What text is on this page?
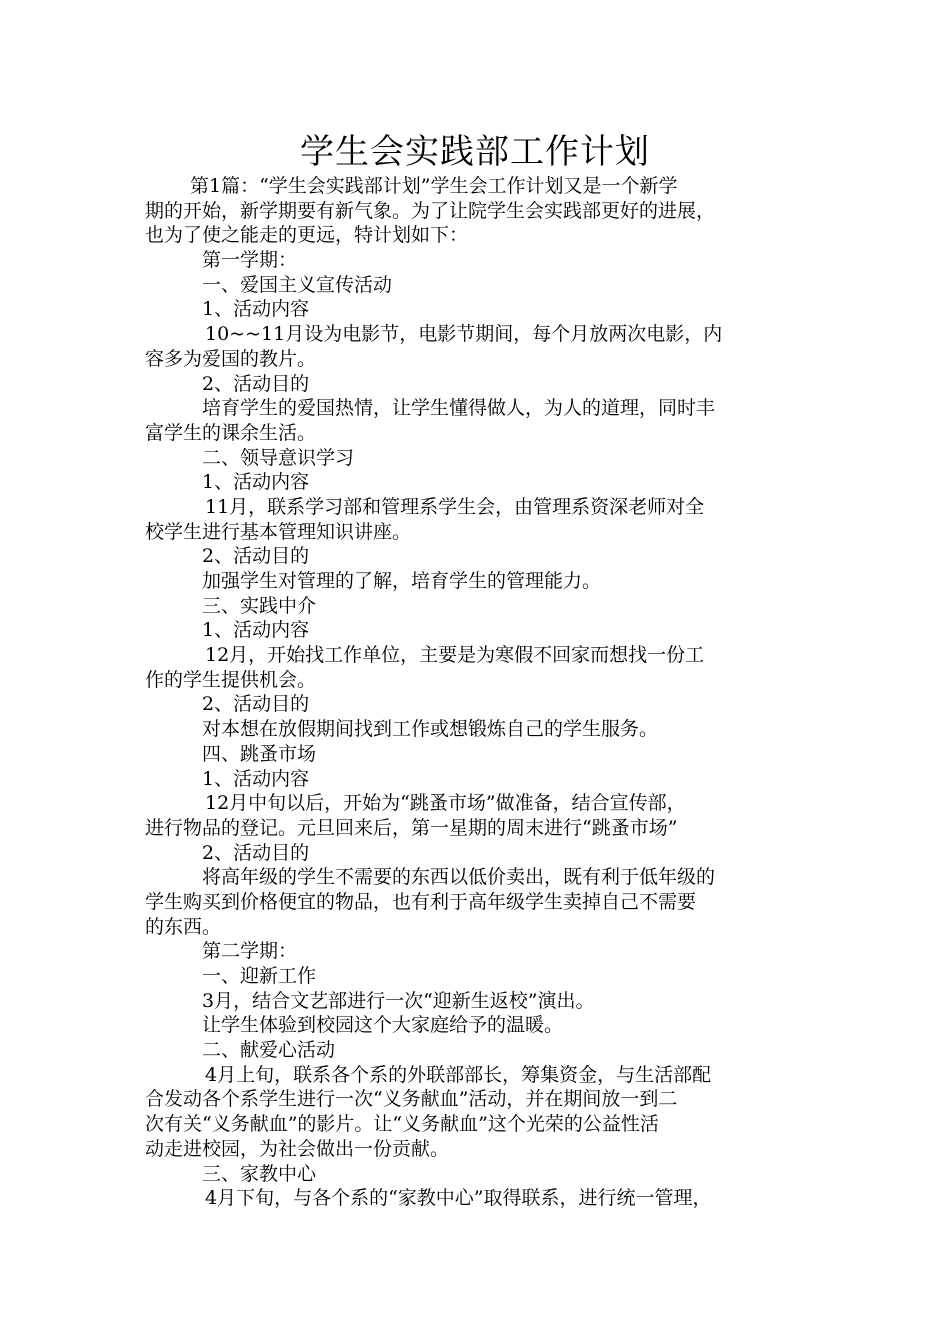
学生会实践部工作计划
第1篇：“学生会实践部计划”学生会工作计划又是一个新学
期的开始，新学期要有新气象。为了让院学生会实践部更好的进展，
也为了使之能走的更远，特计划如下：
第一学期：
一、爱国主义宣传活动
1、活动内容
10~~11月设为电影节，电影节期间，每个月放两次电影，内
容多为爱国的教片。
2、活动目的
培育学生的爱国热情，让学生懂得做人，为人的道理，同时丰
富学生的课余生活。
二、领导意识学习
1、活动内容
11月，联系学习部和管理系学生会，由管理系资深老师对全
校学生进行基本管理知识讲座。
2、活动目的
加强学生对管理的了解，培育学生的管理能力。
三、实践中介
1、活动内容
12月，开始找工作单位，主要是为寒假不回家而想找一份工
作的学生提供机会。
2、活动目的
对本想在放假期间找到工作或想锻炼自己的学生服务。
四、跳蚤市场
1、活动内容
12月中旬以后，开始为“跳蚤市场”做准备，结合宣传部，
进行物品的登记。元旦回来后，第一星期的周末进行“跳蚤市场”
2、活动目的
将高年级的学生不需要的东西以低价卖出，既有利于低年级的
学生购买到价格便宜的物品，也有利于高年级学生卖掉自己不需要
的东西。
第二学期：
一、迎新工作
3月，结合文艺部进行一次“迎新生返校”演出。
让学生体验到校园这个大家庭给予的温暖。
二、献爱心活动
4月上旬，联系各个系的外联部部长，筹集资金，与生活部配
合发动各个系学生进行一次“义务献血”活动，并在期间放一到二
次有关“义务献血”的影片。让“义务献血”这个光荣的公益性活
动走进校园，为社会做出一份贡献。
三、家教中心
4月下旬，与各个系的“家教中心”取得联系，进行统一管理，
